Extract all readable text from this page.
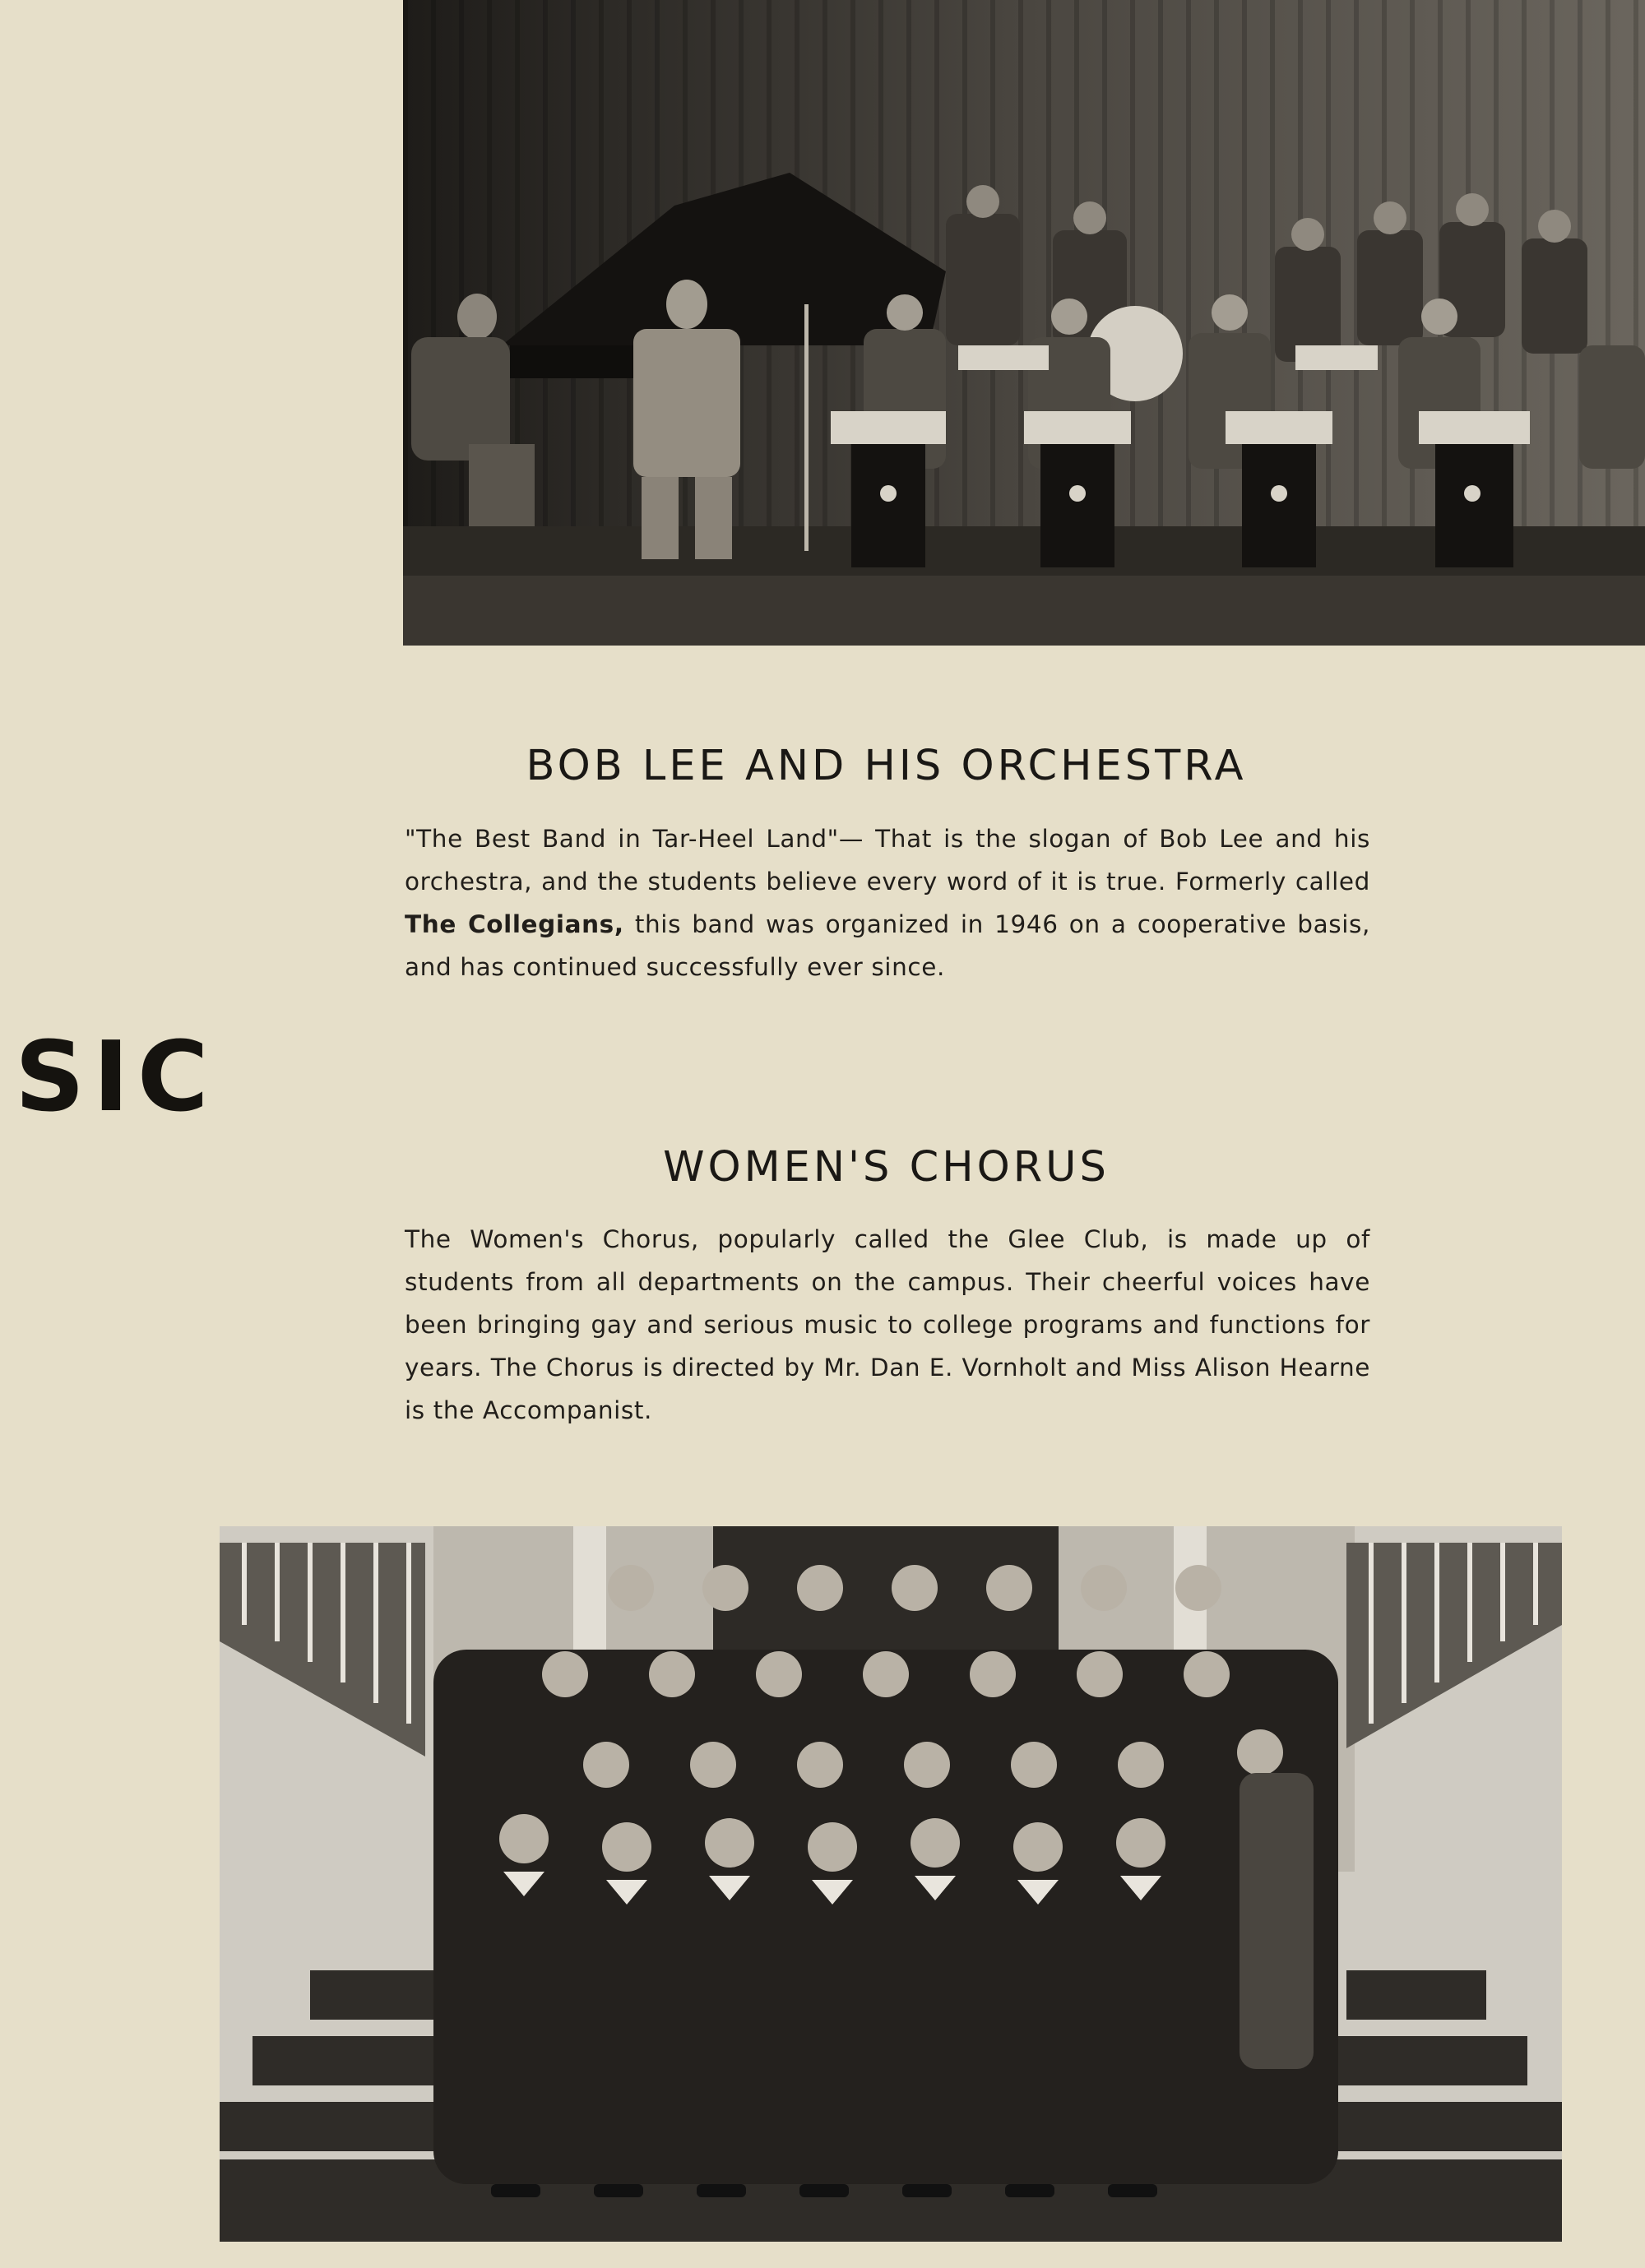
SIC
BOB LEE AND HIS ORCHESTRA

"The Best Band in Tar-Heel Land"— That is the slogan of Bob Lee and his orchestra, and the students believe every word of it is true. Formerly called The Collegians, this band was organized in 1946 on a cooperative basis, and has continued successfully ever since.

WOMEN'S CHORUS

The Women's Chorus, popularly called the Glee Club, is made up of students from all departments on the campus. Their cheerful voices have been bringing gay and serious music to college programs and functions for years. The Chorus is directed by Mr. Dan E. Vornholt and Miss Alison Hearne is the Accompanist.
